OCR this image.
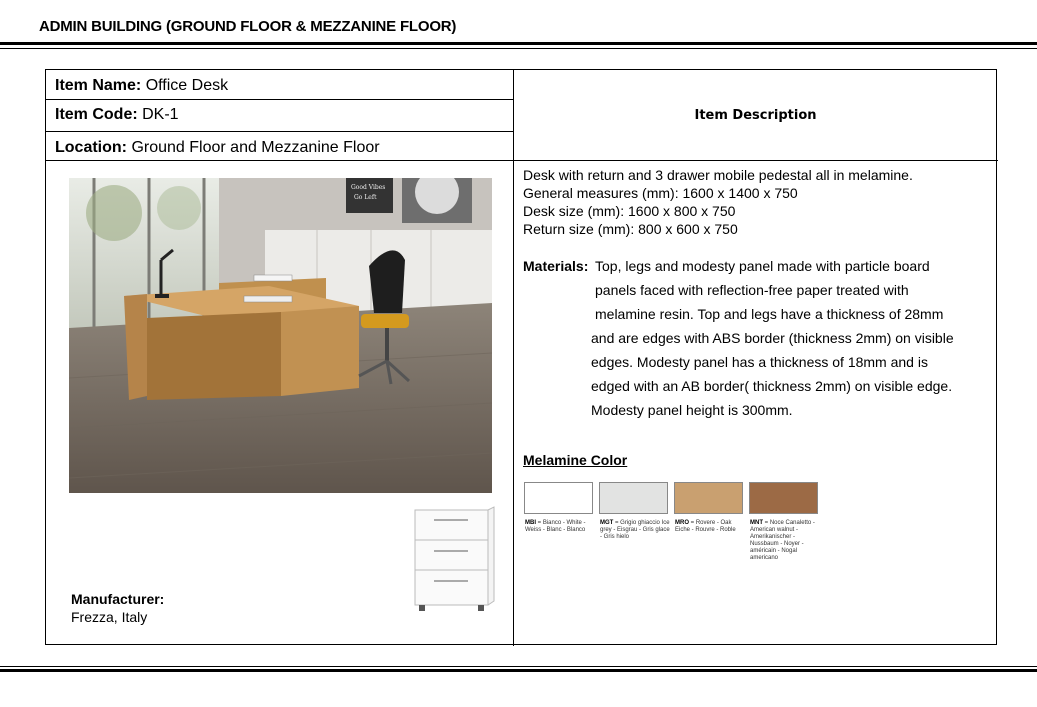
ADMIN BUILDING (GROUND FLOOR & MEZZANINE FLOOR)
Item Name: Office Desk
Item Code: DK-1
Location: Ground Floor and Mezzanine Floor
Item Description
Good Vibes
Go Left
Manufacturer:
Frezza, Italy
Desk with return and 3 drawer mobile pedestal all in melamine.
General measures (mm): 1600 x 1400 x 750
Desk size (mm): 1600 x 800 x 750
Return size (mm): 800 x 600 x 750
Materials: Top, legs and modesty panel made with particle board
panels faced with reflection-free paper treated with
melamine resin. Top and legs have a thickness of 28mm
and are edges with ABS border (thickness 2mm) on visible
edges. Modesty panel has a thickness of 18mm and is
edged with an AB border( thickness 2mm) on visible edge.
Modesty panel height is 300mm.
Melamine Color
MBI = Bianco - White - Weiss - Blanc - Blanco
MGT = Grigio ghiaccio Ice grey - Eisgrau - Gris glace - Gris hielo
MRO = Rovere - Oak Eiche - Rouvre - Roble
MNT = Noce Canaletto - American walnut - Amerikanischer - Nussbaum - Noyer - américain - Nogal americano
